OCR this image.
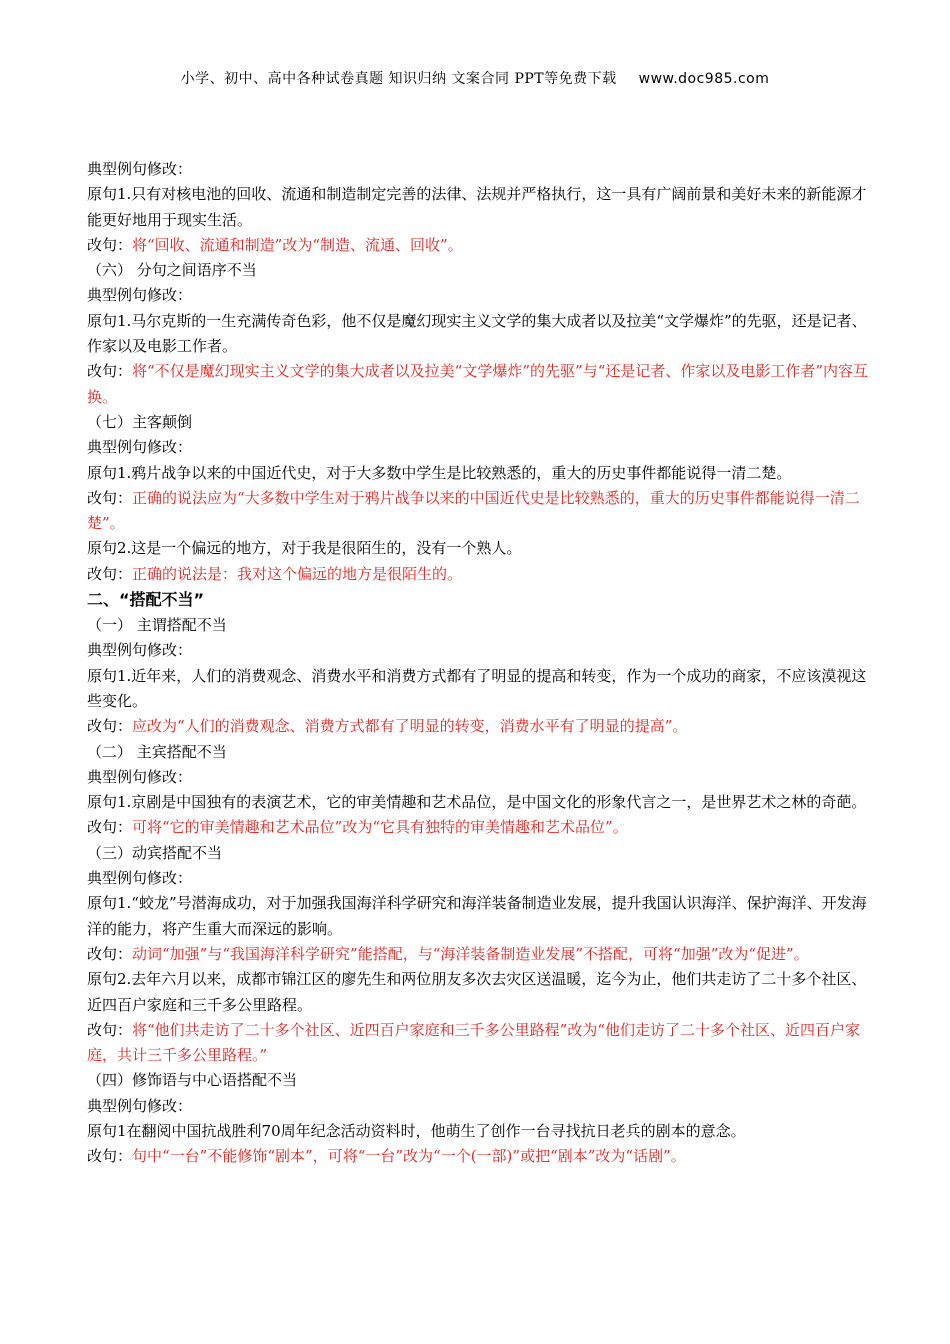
小学、初中、高中各种试卷真题 知识归纳 文案合同 PPT等免费下载 www.doc985.com
典型例句修改：
原句1.只有对核电池的回收、流通和制造制定完善的法律、法规并严格执行，这一具有广阔前景和美好未来的新能源才能更好地用于现实生活。
改句：将“回收、流通和制造”改为“制造、流通、回收”。
（六） 分句之间语序不当
典型例句修改：
原句1.马尔克斯的一生充满传奇色彩，他不仅是魔幻现实主义文学的集大成者以及拉美“文学爆炸”的先驱，还是记者、作家以及电影工作者。
改句：将“不仅是魔幻现实主义文学的集大成者以及拉美“文学爆炸”的先驱”与“还是记者、作家以及电影工作者”内容互换。
（七）主客颠倒
典型例句修改：
原句1.鸦片战争以来的中国近代史，对于大多数中学生是比较熟悉的，重大的历史事件都能说得一清二楚。
改句：正确的说法应为“大多数中学生对于鸦片战争以来的中国近代史是比较熟悉的，重大的历史事件都能说得一清二楚”。
原句2.这是一个偏远的地方，对于我是很陌生的，没有一个熟人。
改句：正确的说法是：我对这个偏远的地方是很陌生的。
二、“搭配不当”
（一） 主谓搭配不当
典型例句修改：
原句1.近年来，人们的消费观念、消费水平和消费方式都有了明显的提高和转变，作为一个成功的商家，不应该漠视这些变化。
改句：应改为“人们的消费观念、消费方式都有了明显的转变，消费水平有了明显的提高”。
（二） 主宾搭配不当
典型例句修改：
原句1.京剧是中国独有的表演艺术，它的审美情趣和艺术品位，是中国文化的形象代言之一，是世界艺术之林的奇葩。
改句：可将“它的审美情趣和艺术品位”改为“它具有独特的审美情趣和艺术品位”。
（三）动宾搭配不当
典型例句修改：
原句1.“蛟龙”号潜海成功，对于加强我国海洋科学研究和海洋装备制造业发展，提升我国认识海洋、保护海洋、开发海洋的能力，将产生重大而深远的影响。
改句：动词“加强”与“我国海洋科学研究”能搭配，与“海洋装备制造业发展”不搭配，可将“加强”改为“促进”。
原句2.去年六月以来，成都市锦江区的廖先生和两位朋友多次去灾区送温暖，迄今为止，他们共走访了二十多个社区、近四百户家庭和三千多公里路程。
改句：将“他们共走访了二十多个社区、近四百户家庭和三千多公里路程”改为“他们走访了二十多个社区、近四百户家庭，共计三千多公里路程。”
（四）修饰语与中心语搭配不当
典型例句修改：
原句1在翻阅中国抗战胜利70周年纪念活动资料时，他萌生了创作一台寻找抗日老兵的剧本的意念。
改句：句中“一台”不能修饰“剧本”，可将“一台”改为“一个(一部)”或把“剧本”改为“话剧”。
